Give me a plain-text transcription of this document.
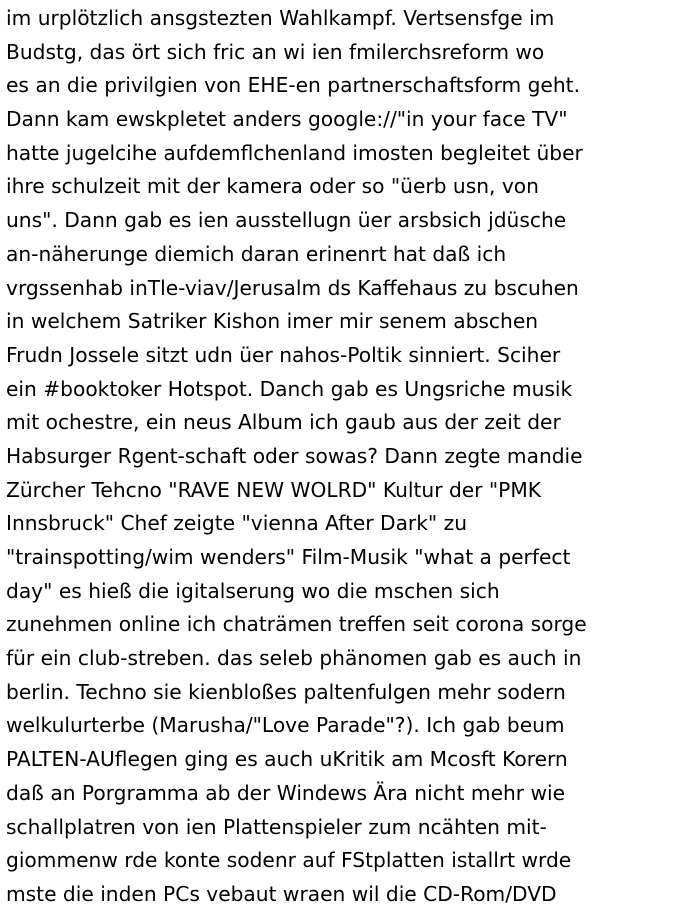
im urplötzlich ansgstezten Wahlkampf. Vertsensfge im
Budstg, das ört sich fric an wi ien fmilerchsreform wo
es an die privilgien von EHE-en partnerschaftsform geht.
Dann kam ewskpletet anders google://"in your face TV"
hatte jugelcihe aufdemflchenland imosten begleitet über
ihre schulzeit mit der kamera oder so "üerb usn, von
uns". Dann gab es ien ausstellugn üer arsbsich jdüsche
an-näherunge diemich daran erinenrt hat daß ich
vrgssenhab inTle-viav/Jerusalm ds Kaffehaus zu bscuhen
in welchem Satriker Kishon imer mir senem abschen
Frudn Jossele sitzt udn üer nahos-Poltik sinniert. Sciher
ein #booktoker Hotspot. Danch gab es Ungsriche musik
mit ochestre, ein neus Album ich gaub aus der zeit der
Habsurger Rgent-schaft oder sowas? Dann zegte mandie
Zürcher Tehcno "RAVE NEW WOLRD" Kultur der "PMK
Innsbruck" Chef zeigte "vienna After Dark" zu
"trainspotting/wim wenders" Film-Musik "what a perfect
day" es hieß die igitalserung wo die mschen sich
zunehmen online ich chaträmen treffen seit corona sorge
für ein club-streben. das seleb phänomen gab es auch in
berlin. Techno sie kienbloßes paltenfulgen mehr sodern
welkulurterbe (Marusha/"Love Parade"?). Ich gab beum
PALTEN-AUflegen ging es auch uKritik am Mcosft Korern
daß an Porgramma ab der Windews Ära nicht mehr wie
schallplatren von ien Plattenspieler zum ncähten mit-
giommenw rde konte sodenr auf FStplatten istallrt wrde
mste die inden PCs vebaut wraen wil die CD-Rom/DVD
